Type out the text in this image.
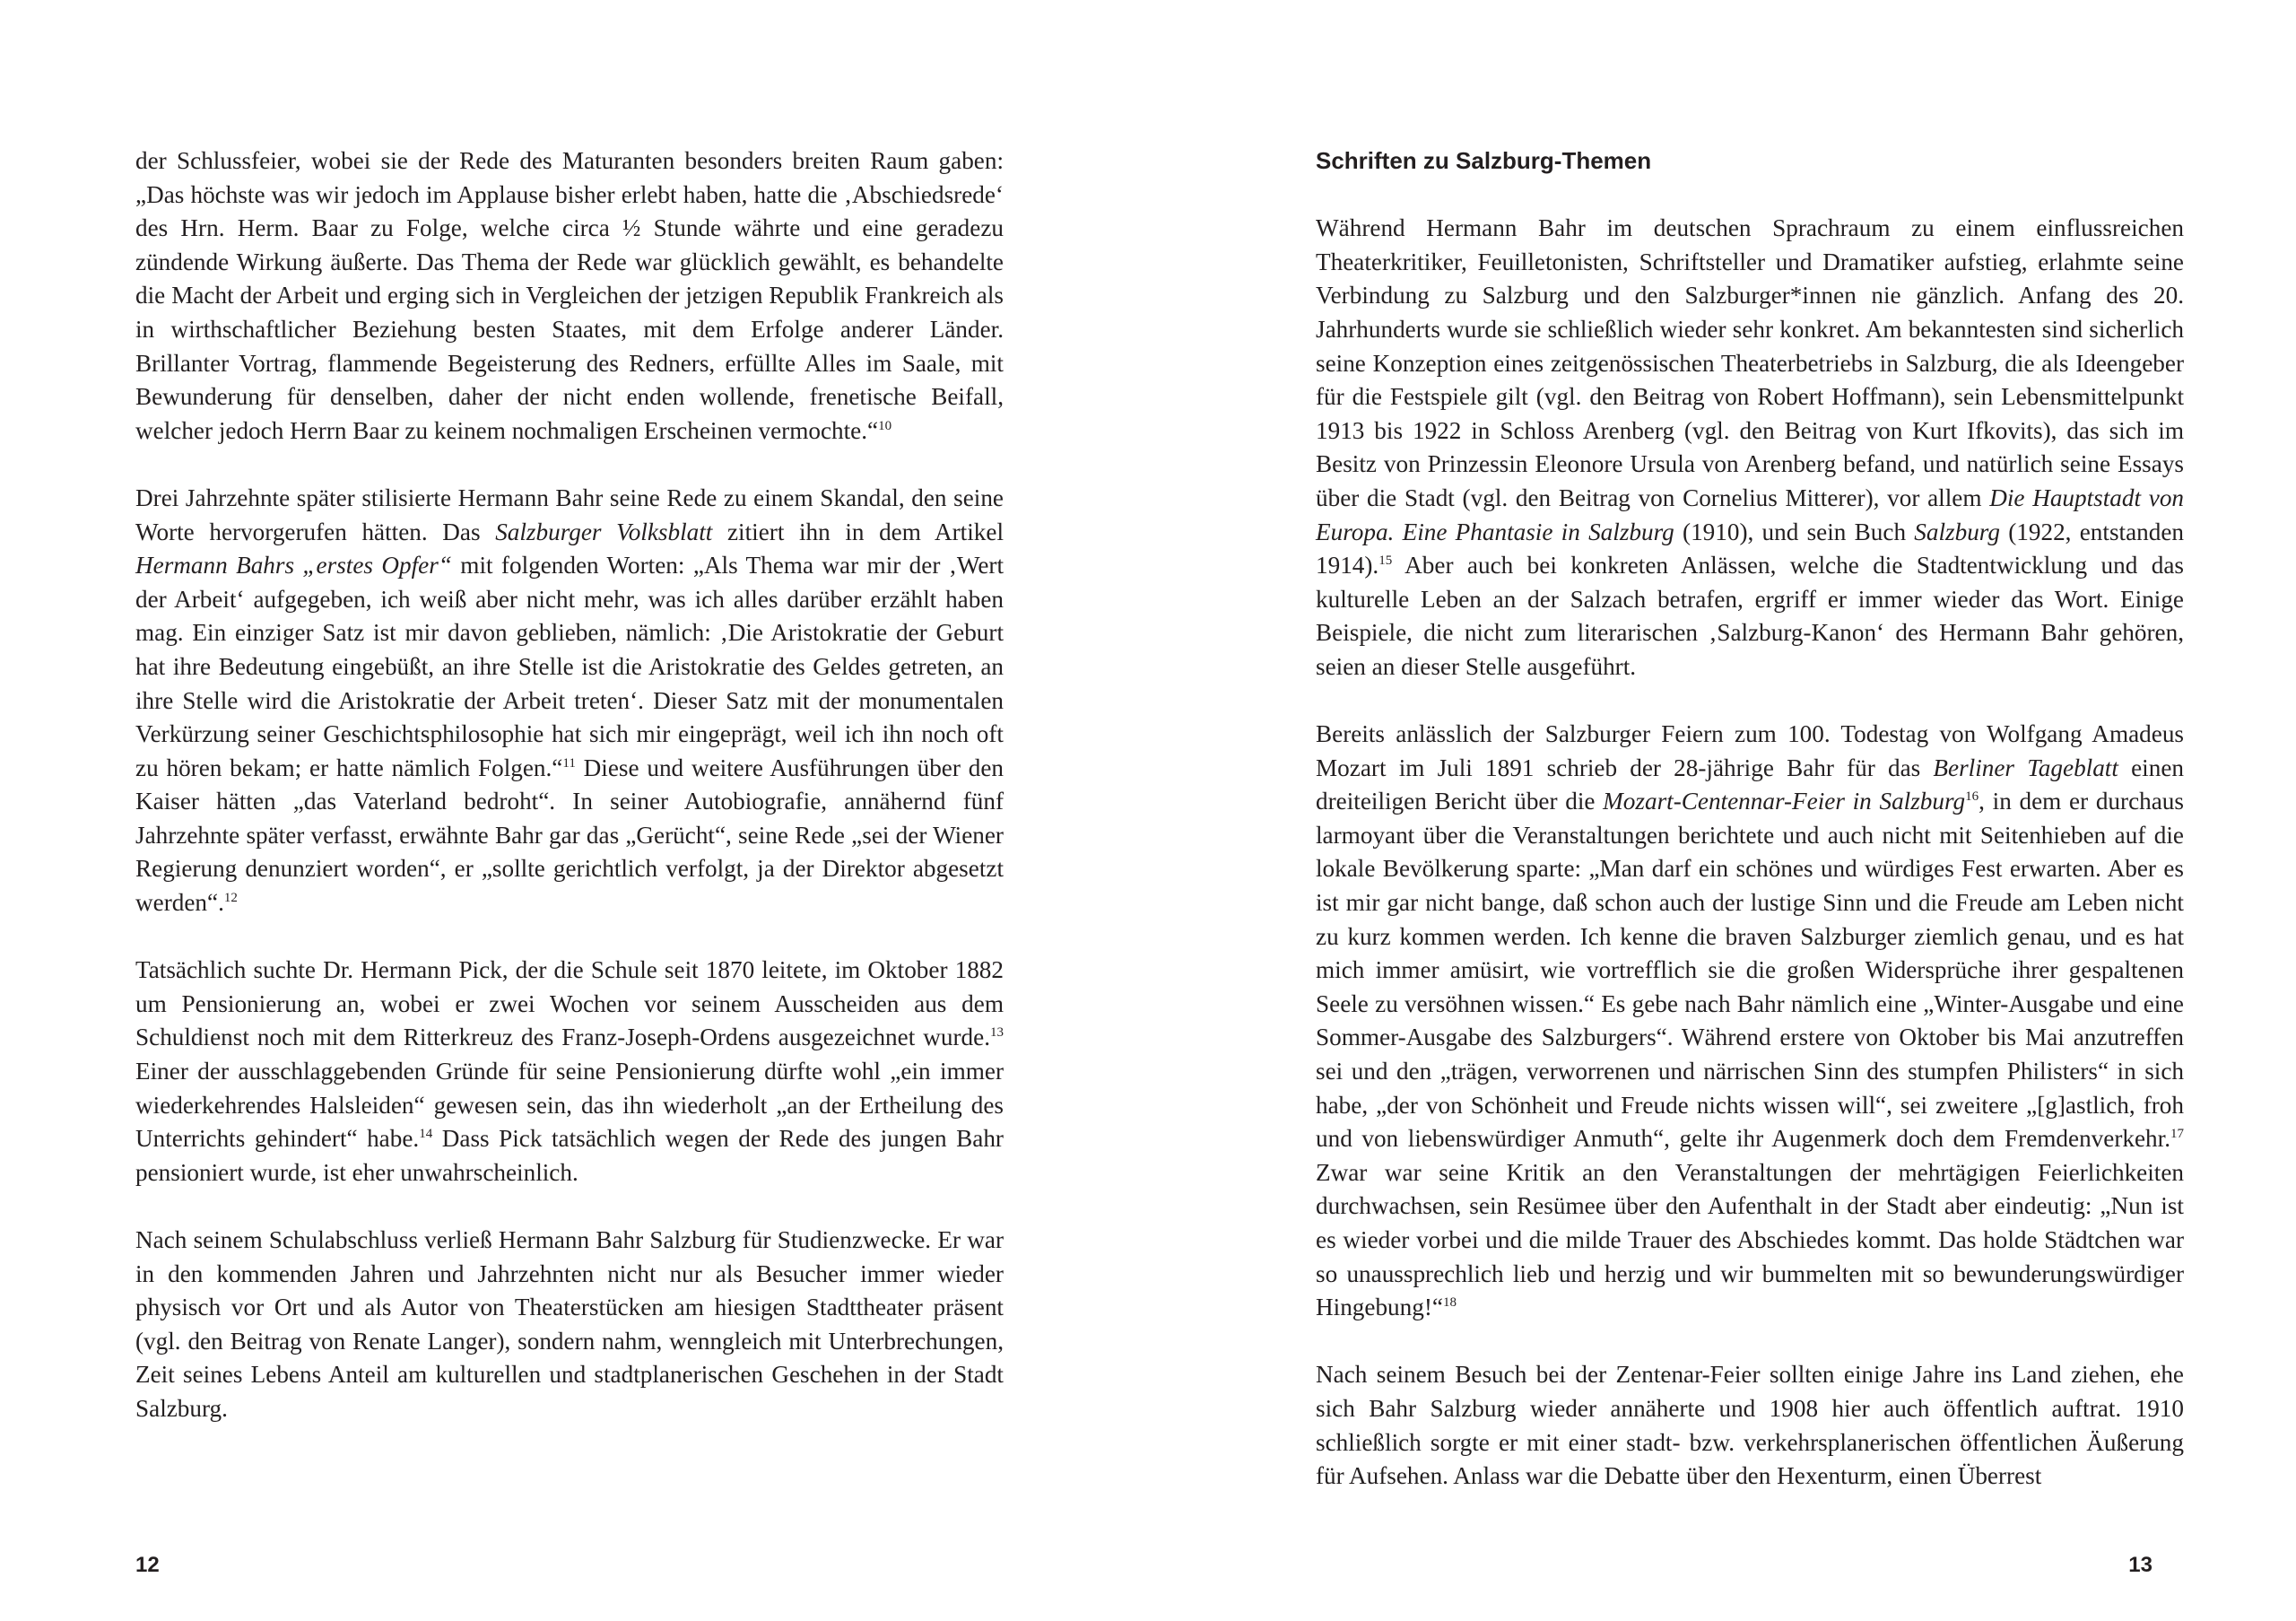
der Schlussfeier, wobei sie der Rede des Maturanten besonders breiten Raum gaben: „Das höchste was wir jedoch im Applause bisher erlebt haben, hatte die ‚Abschiedsrede‘ des Hrn. Herm. Baar zu Folge, welche circa ½ Stunde währte und eine geradezu zündende Wirkung äußerte. Das Thema der Rede war glücklich gewählt, es behandelte die Macht der Arbeit und erging sich in Vergleichen der jetzigen Republik Frankreich als in wirthschaftlicher Beziehung besten Staates, mit dem Erfolge anderer Länder. Brillanter Vortrag, flammende Begeisterung des Redners, erfüllte Alles im Saale, mit Bewunderung für denselben, daher der nicht enden wollende, frenetische Beifall, welcher jedoch Herrn Baar zu keinem nochmaligen Erscheinen vermochte.“$^{10}$

Drei Jahrzehnte später stilisierte Hermann Bahr seine Rede zu einem Skandal, den seine Worte hervorgerufen hätten. Das Salzburger Volksblatt zitiert ihn in dem Artikel Hermann Bahrs „erstes Opfer“ mit folgenden Worten: „Als Thema war mir der ‚Wert der Arbeit‘ aufgegeben, ich weiß aber nicht mehr, was ich alles darüber erzählt haben mag. Ein einziger Satz ist mir davon geblieben, nämlich: ‚Die Aristokratie der Geburt hat ihre Bedeutung eingebüßt, an ihre Stelle ist die Aristokratie des Geldes getreten, an ihre Stelle wird die Aristokratie der Arbeit treten‘. Dieser Satz mit der monumentalen Verkürzung seiner Geschichtsphilosophie hat sich mir eingeprägt, weil ich ihn noch oft zu hören bekam; er hatte nämlich Folgen.“$^{11}$ Diese und weitere Ausführungen über den Kaiser hätten „das Vaterland bedroht“. In seiner Autobiografie, annähernd fünf Jahrzehnte später verfasst, erwähnte Bahr gar das „Gerücht“, seine Rede „sei der Wiener Regierung denunziert worden“, er „sollte gerichtlich verfolgt, ja der Direktor abgesetzt werden“.$^{12}$

Tatsächlich suchte Dr. Hermann Pick, der die Schule seit 1870 leitete, im Oktober 1882 um Pensionierung an, wobei er zwei Wochen vor seinem Ausscheiden aus dem Schuldienst noch mit dem Ritterkreuz des Franz-Joseph-Ordens ausgezeichnet wurde.$^{13}$ Einer der ausschlaggebenden Gründe für seine Pensionierung dürfte wohl „ein immer wiederkehrendes Halsleiden“ gewesen sein, das ihn wiederholt „an der Ertheilung des Unterrichts gehindert“ habe.$^{14}$ Dass Pick tatsächlich wegen der Rede des jungen Bahr pensioniert wurde, ist eher unwahrscheinlich.

Nach seinem Schulabschluss verließ Hermann Bahr Salzburg für Studienzwecke. Er war in den kommenden Jahren und Jahrzehnten nicht nur als Besucher immer wieder physisch vor Ort und als Autor von Theaterstücken am hiesigen Stadttheater präsent (vgl. den Beitrag von Renate Langer), sondern nahm, wenngleich mit Unterbrechungen, Zeit seines Lebens Anteil am kulturellen und stadtplanerischen Geschehen in der Stadt Salzburg.

12
Schriften zu Salzburg-Themen

Während Hermann Bahr im deutschen Sprachraum zu einem einflussreichen Theaterkritiker, Feuilletonisten, Schriftsteller und Dramatiker aufstieg, erlahmte seine Verbindung zu Salzburg und den Salzburger*innen nie gänzlich. Anfang des 20. Jahrhunderts wurde sie schließlich wieder sehr konkret. Am bekanntesten sind sicherlich seine Konzeption eines zeitgenössischen Theaterbetriebs in Salzburg, die als Ideengeber für die Festspiele gilt (vgl. den Beitrag von Robert Hoffmann), sein Lebensmittelpunkt 1913 bis 1922 in Schloss Arenberg (vgl. den Beitrag von Kurt Ifkovits), das sich im Besitz von Prinzessin Eleonore Ursula von Arenberg befand, und natürlich seine Essays über die Stadt (vgl. den Beitrag von Cornelius Mitterer), vor allem Die Hauptstadt von Europa. Eine Phantasie in Salzburg (1910), und sein Buch Salzburg (1922, entstanden 1914).$^{15}$ Aber auch bei konkreten Anlässen, welche die Stadtentwicklung und das kulturelle Leben an der Salzach betrafen, ergriff er immer wieder das Wort. Einige Beispiele, die nicht zum literarischen ‚Salzburg-Kanon‘ des Hermann Bahr gehören, seien an dieser Stelle ausgeführt.

Bereits anlässlich der Salzburger Feiern zum 100. Todestag von Wolfgang Amadeus Mozart im Juli 1891 schrieb der 28-jährige Bahr für das Berliner Tageblatt einen dreiteiligen Bericht über die Mozart-Centennar-Feier in Salzburg$^{16}$, in dem er durchaus larmoyant über die Veranstaltungen berichtete und auch nicht mit Seitenhieben auf die lokale Bevölkerung sparte: „Man darf ein schönes und würdiges Fest erwarten. Aber es ist mir gar nicht bange, daß schon auch der lustige Sinn und die Freude am Leben nicht zu kurz kommen werden. Ich kenne die braven Salzburger ziemlich genau, und es hat mich immer amüsirt, wie vortrefflich sie die großen Widersprüche ihrer gespaltenen Seele zu versöhnen wissen.“ Es gebe nach Bahr nämlich eine „Winter-Ausgabe und eine Sommer-Ausgabe des Salzburgers“. Während erstere von Oktober bis Mai anzutreffen sei und den „trägen, verworrenen und närrischen Sinn des stumpfen Philisters“ in sich habe, „der von Schönheit und Freude nichts wissen will“, sei zweitere „[g]astlich, froh und von liebenswürdiger Anmuth“, gelte ihr Augenmerk doch dem Fremdenverkehr.$^{17}$ Zwar war seine Kritik an den Veranstaltungen der mehrtägigen Feierlichkeiten durchwachsen, sein Resümee über den Aufenthalt in der Stadt aber eindeutig: „Nun ist es wieder vorbei und die milde Trauer des Abschiedes kommt. Das holde Städtchen war so unaussprechlich lieb und herzig und wir bummelten mit so bewunderungswürdiger Hingebung!“$^{18}$

Nach seinem Besuch bei der Zentenar-Feier sollten einige Jahre ins Land ziehen, ehe sich Bahr Salzburg wieder annäherte und 1908 hier auch öffentlich auftrat. 1910 schließlich sorgte er mit einer stadt- bzw. verkehrsplanerischen öffentlichen Äußerung für Aufsehen. Anlass war die Debatte über den Hexenturm, einen Überrest

13
